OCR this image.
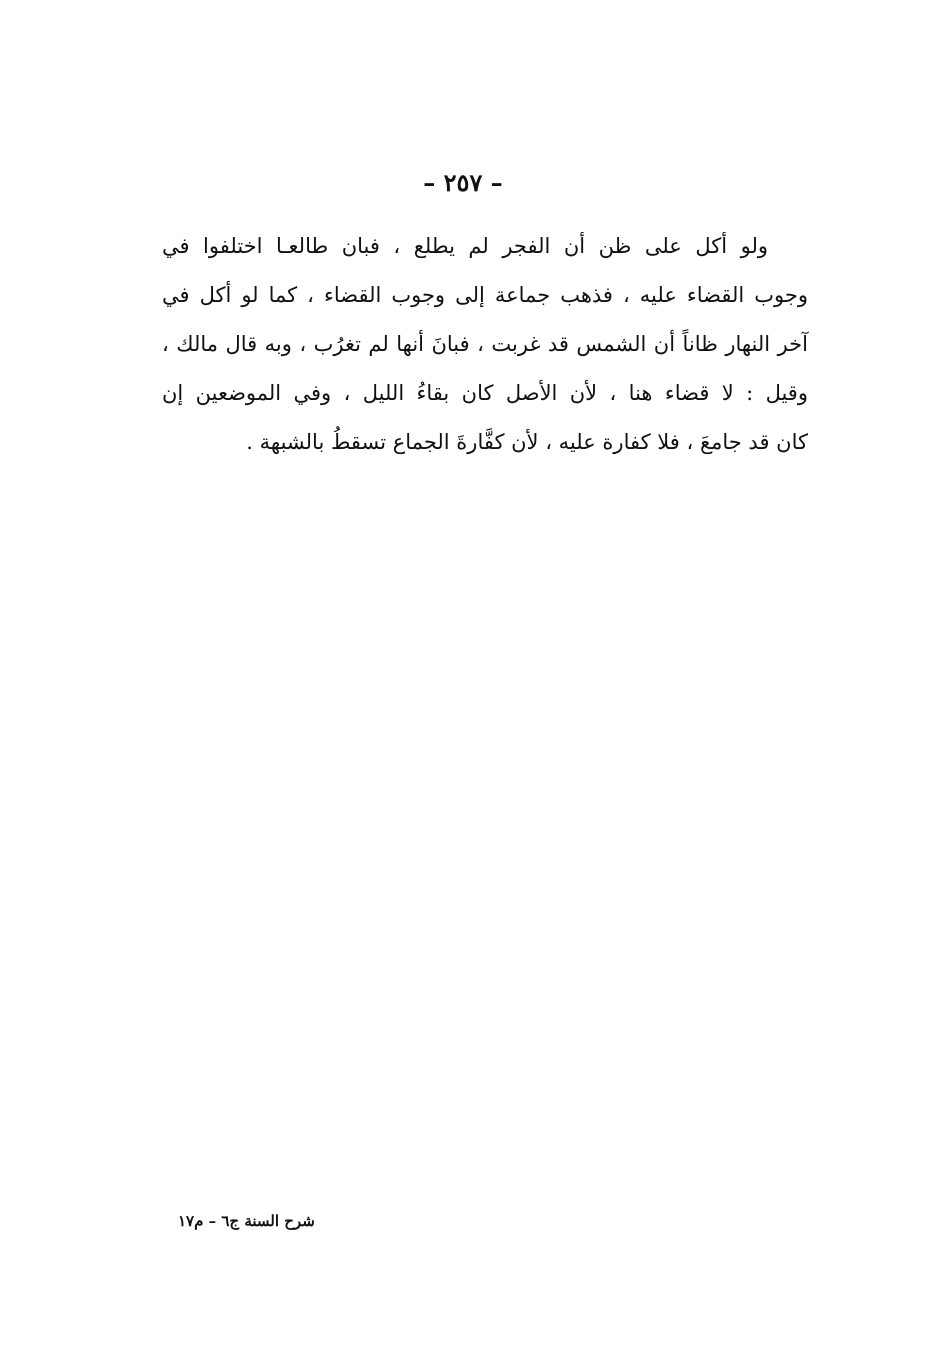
– ٢٥٧ –
ولو أكل على ظن أن الفجر لم يطلع ، فبان طالعـا اختلفوا في
وجوب القضاء عليه ، فذهب جماعة إلى وجوب القضاء ، كما لو أكل في
آخر النهار ظاناً أن الشمس قد غربت ، فبانَ أنها لم تغرُب ، وبه قال مالك ،
وقيل : لا قضاء هنا ، لأن الأصل كان بقاءُ الليل ، وفي الموضعين إن
كان قد جامعَ ، فلا كفارة عليه ، لأن كفَّارةَ الجماع تسقطُ بالشبهة .
شرح السنة ج٦ – م١٧
